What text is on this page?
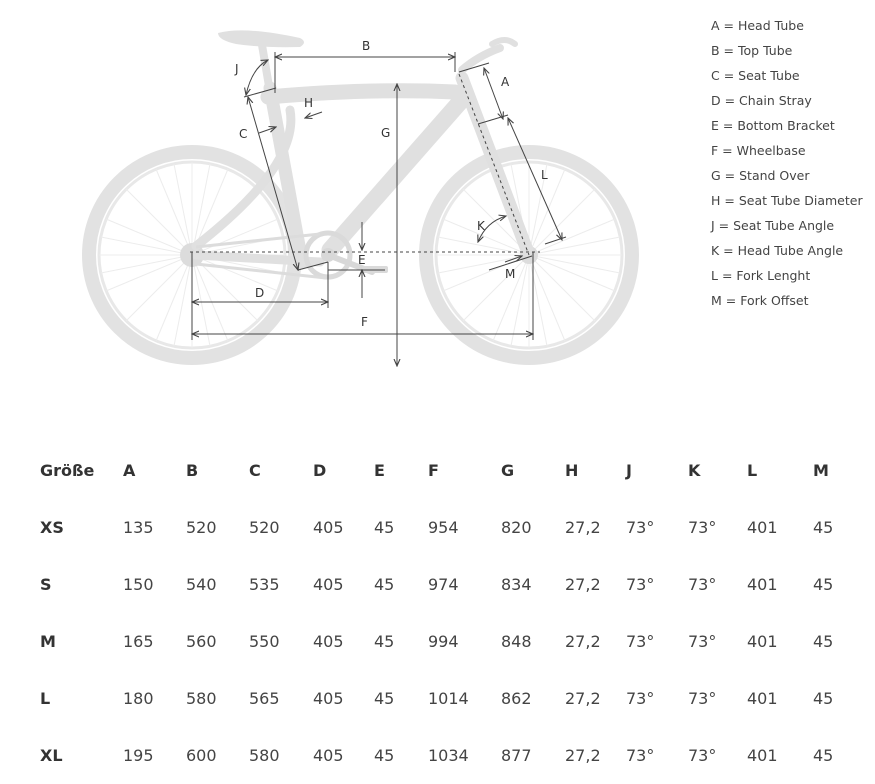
A
B
C
D
E
F
G
H
J
K
L
M
A = Head Tube
B = Top Tube
C = Seat Tube
D = Chain Stray
E = Bottom Bracket
F = Wheelbase
G = Stand Over
H = Seat Tube Diameter
J = Seat Tube Angle
K = Head Tube Angle
L = Fork Lenght
M = Fork Offset
Größe	A	B	C	D	E	F	G	H	J	K	L	M
XS	135	520	520	405	45	954	820	27,2	73°	73°	401	45
S	150	540	535	405	45	974	834	27,2	73°	73°	401	45
M	165	560	550	405	45	994	848	27,2	73°	73°	401	45
L	180	580	565	405	45	1014	862	27,2	73°	73°	401	45
XL	195	600	580	405	45	1034	877	27,2	73°	73°	401	45
